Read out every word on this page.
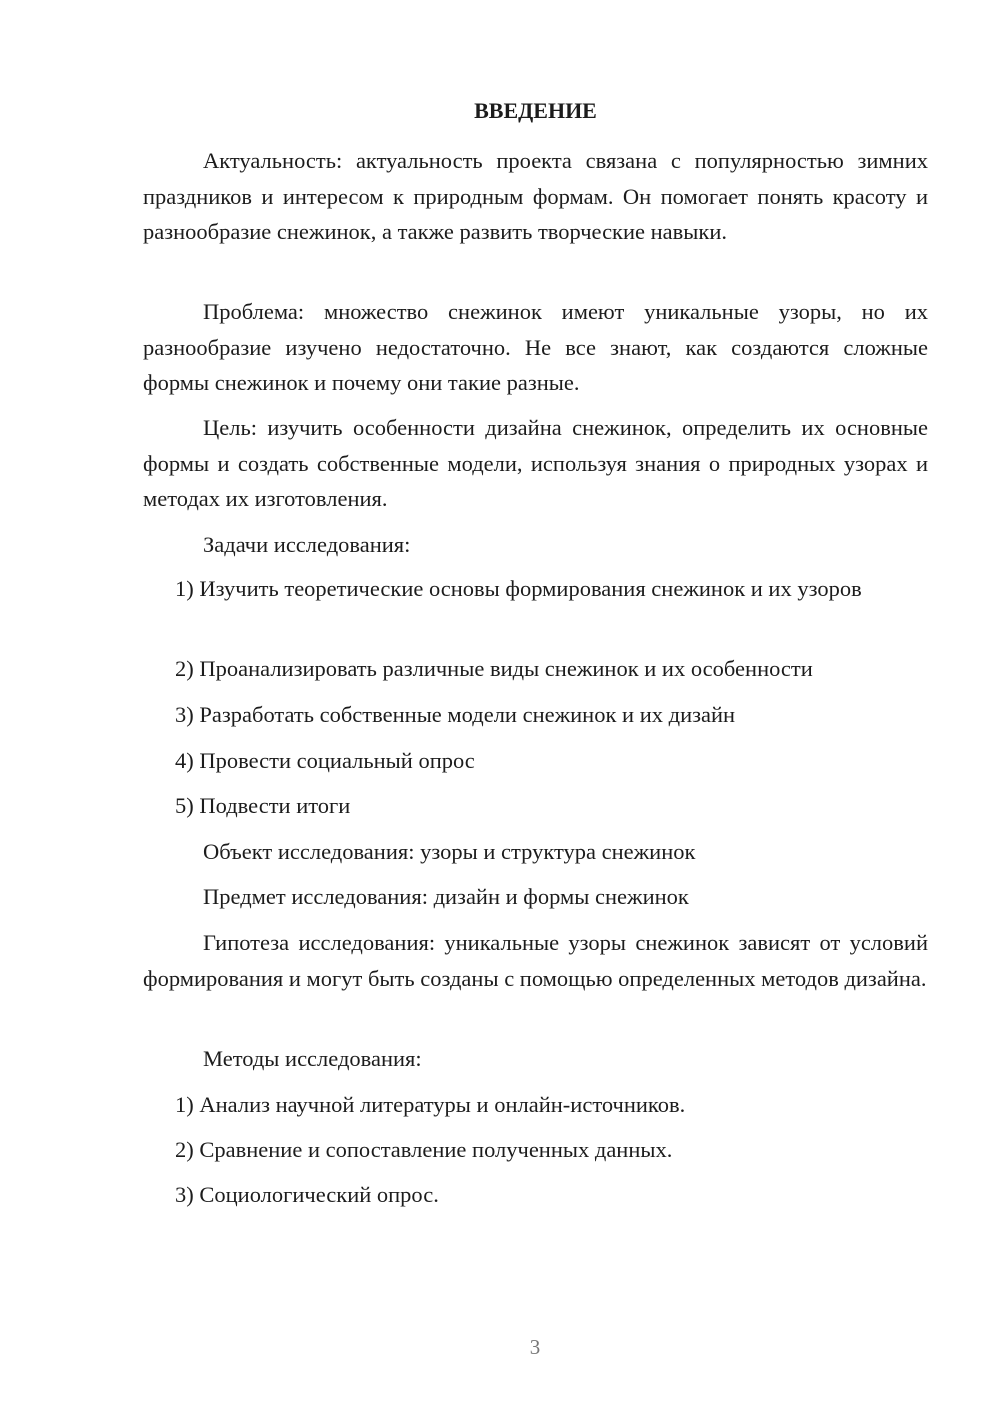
ВВЕДЕНИЕ

Актуальность: актуальность проекта связана с популярностью зимних праздников и интересом к природным формам. Он помогает понять красоту и разнообразие снежинок, а также развить творческие навыки.

Проблема: множество снежинок имеют уникальные узоры, но их разнообразие изучено недостаточно. Не все знают, как создаются сложные формы снежинок и почему они такие разные.

Цель: изучить особенности дизайна снежинок, определить их основные формы и создать собственные модели, используя знания о природных узорах и методах их изготовления.

Задачи исследования:

1) Изучить теоретические основы формирования снежинок и их узоров

2) Проанализировать различные виды снежинок и их особенности

3) Разработать собственные модели снежинок и их дизайн

4) Провести социальный опрос

5) Подвести итоги

Объект исследования: узоры и структура снежинок

Предмет исследования: дизайн и формы снежинок

Гипотеза исследования: уникальные узоры снежинок зависят от условий формирования и могут быть созданы с помощью определенных методов дизайна.

Методы исследования:

1) Анализ научной литературы и онлайн-источников.

2) Сравнение и сопоставление полученных данных.

3) Социологический опрос.

3
